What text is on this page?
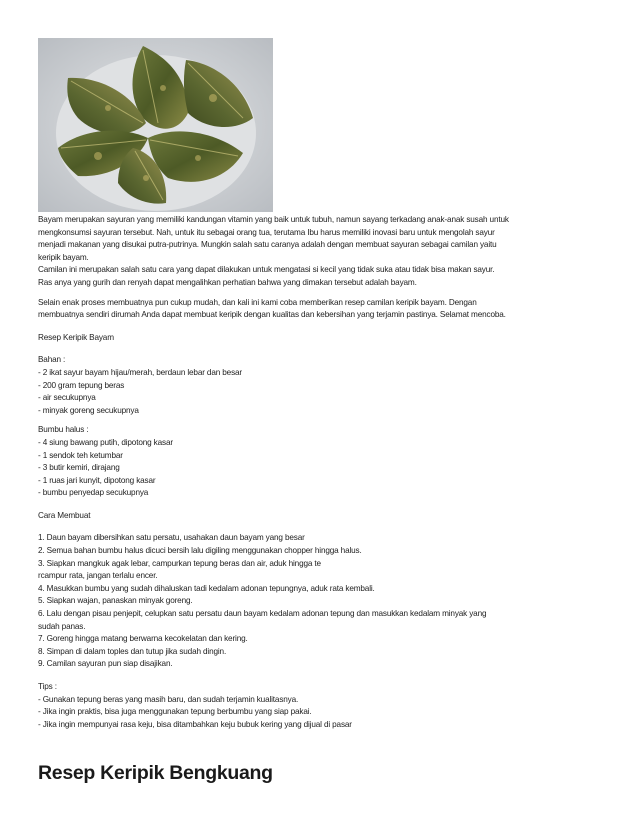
Bayam merupakan sayuran yang memiliki kandungan vitamin yang baik untuk tubuh, namun sayang terkadang anak-anak susah untuk

mengkonsumsi sayuran tersebut. Nah, untuk itu sebagai orang tua, terutama Ibu harus memiliki inovasi baru untuk mengolah sayur

menjadi makanan yang disukai putra-putrinya. Mungkin salah satu caranya adalah dengan membuat sayuran sebagai camilan yaitu

keripik bayam.

Camilan ini merupakan salah satu cara yang dapat dilakukan untuk mengatasi si kecil yang tidak suka atau tidak bisa makan sayur.

Ras anya yang gurih dan renyah dapat mengalihkan perhatian bahwa yang dimakan tersebut adalah bayam.

Selain enak proses membuatnya pun cukup mudah, dan kali ini kami coba memberikan resep camilan keripik bayam. Dengan

membuatnya sendiri dirumah Anda dapat membuat keripik dengan kualitas dan kebersihan yang terjamin pastinya. Selamat mencoba.

Resep Keripik Bayam

Bahan :

- 2 ikat sayur bayam hijau/merah, berdaun lebar dan besar

- 200 gram tepung beras

- air secukupnya

- minyak goreng secukupnya

Bumbu halus :

- 4 siung bawang putih, dipotong kasar

- 1 sendok teh ketumbar

- 3 butir kemiri, dirajang

- 1 ruas jari kunyit, dipotong kasar

- bumbu penyedap secukupnya

Cara Membuat

1. Daun bayam dibersihkan satu persatu, usahakan daun bayam yang besar

2. Semua bahan bumbu halus dicuci bersih lalu digiling menggunakan chopper hingga halus.

3. Siapkan mangkuk agak lebar, campurkan tepung beras dan air, aduk hingga te

rcampur rata, jangan terlalu encer.

4. Masukkan bumbu yang sudah dihaluskan tadi kedalam adonan tepungnya, aduk rata kembali.

5. Siapkan wajan, panaskan minyak goreng.

6. Lalu dengan pisau penjepit, celupkan satu persatu daun bayam kedalam adonan tepung dan masukkan kedalam minyak yang

sudah panas.

7. Goreng hingga matang berwarna kecokelatan dan kering.

8. Simpan di dalam toples dan tutup jika sudah dingin.

9. Camilan sayuran pun siap disajikan.

Tips :

- Gunakan tepung beras yang masih baru, dan sudah terjamin kualitasnya.

- Jika ingin praktis, bisa juga menggunakan tepung berbumbu yang siap pakai.

- Jika ingin mempunyai rasa keju, bisa ditambahkan keju bubuk kering yang dijual di pasar

Resep Keripik Bengkuang
